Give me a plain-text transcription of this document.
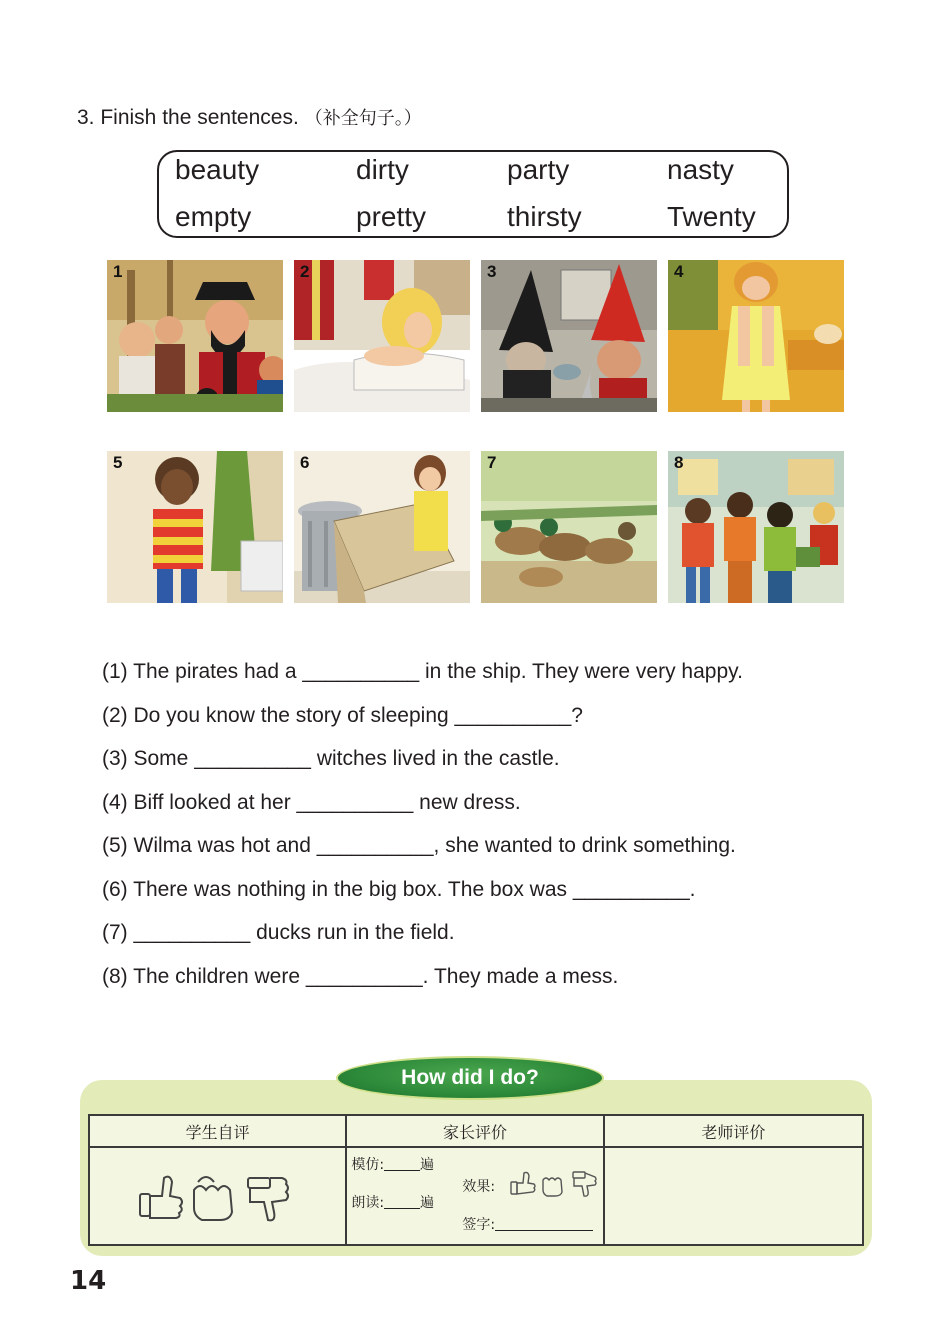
3. Finish the sentences. （补全句子。）
beauty	dirty	party	nasty
empty	pretty	thirsty	Twenty
1	2	3	4
5	6	7	8
(1) The pirates had a __________ in the ship. They were very happy.
(2) Do you know the story of sleeping __________?
(3) Some __________ witches lived in the castle.
(4) Biff looked at her __________ new dress.
(5) Wilma was hot and __________, she wanted to drink something.
(6) There was nothing in the big box. The box was __________.
(7) __________ ducks run in the field.
(8) The children were __________. They made a mess.
How did I do?
学生自评	家长评价	老师评价

模仿: 遍
朗读: 遍
效果:
签字:	

14
